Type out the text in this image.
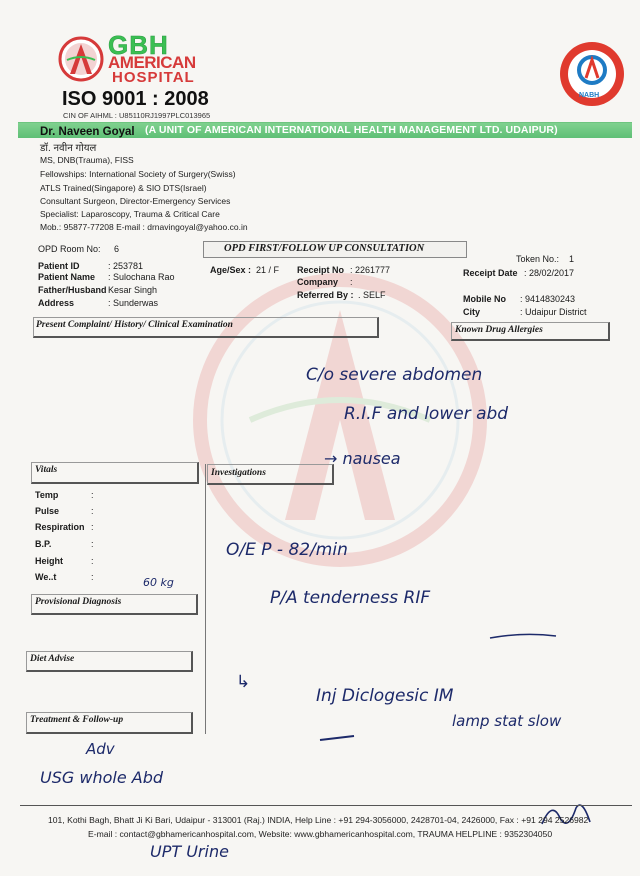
GBH
AMERICAN
HOSPITAL
ISO 9001 : 2008
CIN OF AIHML : U85110RJ1997PLC013965
NABH
(A UNIT OF AMERICAN INTERNATIONAL HEALTH MANAGEMENT LTD. UDAIPUR)
Dr. Naveen Goyal
डॉ. नवीन गोयल
MS, DNB(Trauma), FISS
Fellowships: International Society of Surgery(Swiss)
ATLS Trained(Singapore) & SIO DTS(Israel)
Consultant Surgeon, Director-Emergency Services
Specialist: Laparoscopy, Trauma & Critical Care
Mob.: 95877-77208 E-mail : drnavingoyal@yahoo.co.in
OPD Room No: 6	OPD FIRST/FOLLOW UP CONSULTATION
Token No.: 1
Patient ID	: 253781
Patient Name : Sulochana Rao
Father/Husband Kesar Singh
Address	: Sunderwas
Age/Sex : 21 / F Receipt No : 2261777
Company :
Referred By : . SELF
Receipt Date : 28/02/2017
Mobile No : 9414830243
City	: Udaipur District
Present Complaint/ History/ Clinical Examination	Known Drug Allergies
Vitals	Investigations
Temp	:
Pulse	:
Respiration :
B.P.	:
Height	:
We..t	:
Provisional Diagnosis
Diet Advise
Treatment & Follow-up
C/o severe abdomen
R.I.F and lower abd
→ nausea
60 kg
O/E P - 82/min
P/A tenderness RIF
↳
Inj Diclogesic IM
lamp stat slow
Adv
USG whole Abd
UPT Urine
101, Kothi Bagh, Bhatt Ji Ki Bari, Udaipur - 313001 (Raj.) INDIA, Help Line : +91 294-3056000, 2428701-04, 2426000, Fax : +91 294 2526982
E-mail : contact@gbhamericanhospital.com, Website: www.gbhamericanhospital.com, TRAUMA HELPLINE : 9352304050
